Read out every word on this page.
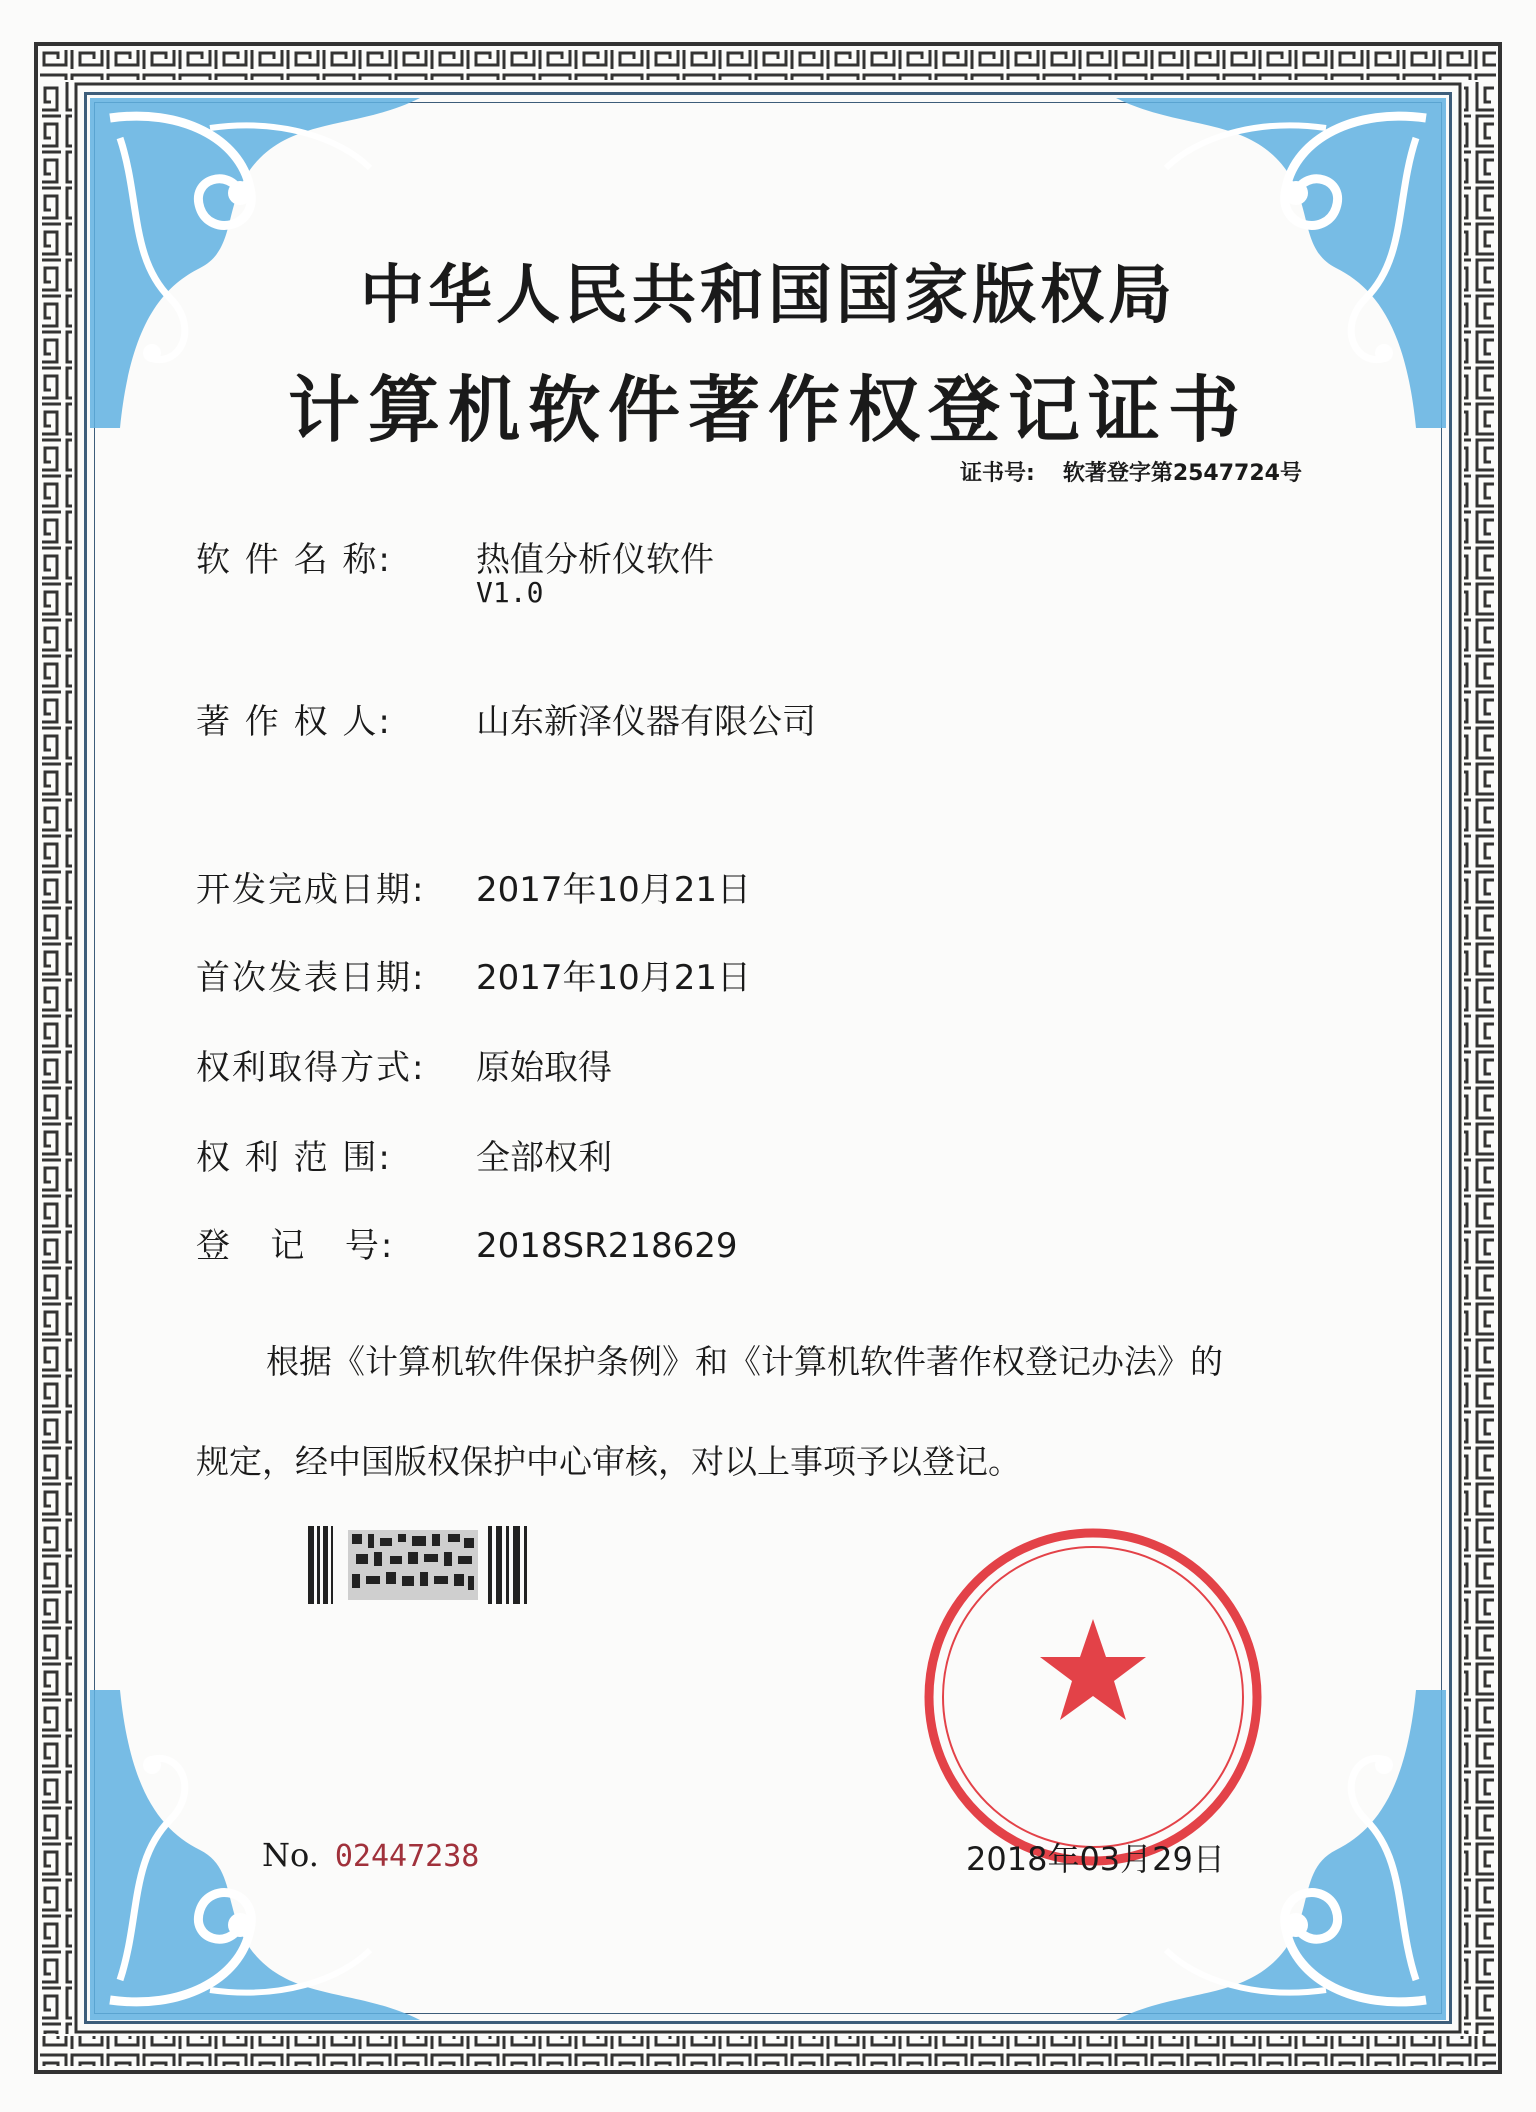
中华人民共和国国家版权局
计算机软件著作权登记证书
证书号: 软著登字第2547724号
软 件 名 称: 热值分析仪软件
V1.0
著 作 权 人: 山东新泽仪器有限公司
开发完成日期: 2017年10月21日
首次发表日期: 2017年10月21日
权利取得方式: 原始取得
权 利 范 围: 全部权利
登   记   号: 2018SR218629
根据《计算机软件保护条例》和《计算机软件著作权登记办法》的
规定，经中国版权保护中心审核，对以上事项予以登记。
No. 02447238	2018年03月29日
